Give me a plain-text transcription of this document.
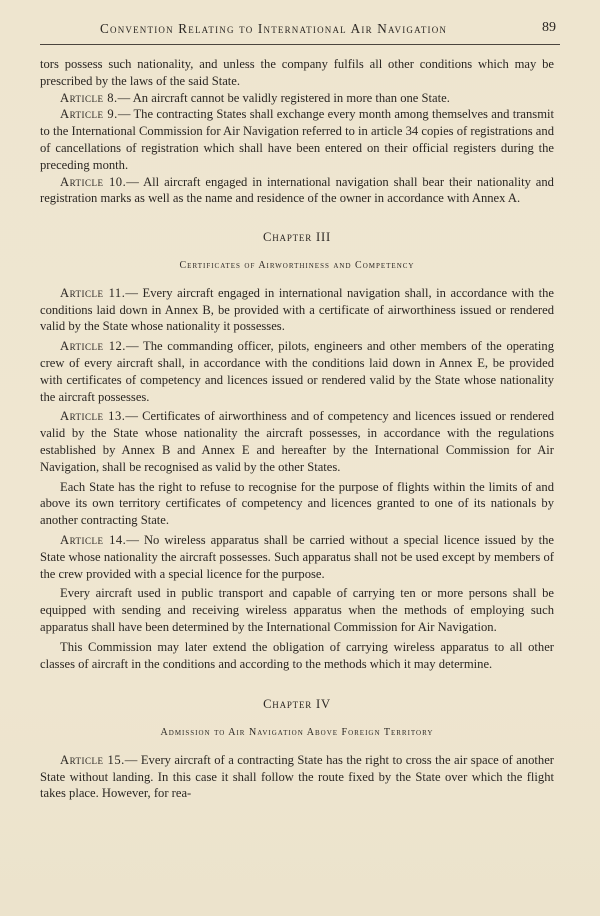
Convention Relating to International Air Navigation	89

tors possess such nationality, and unless the company fulfils all other conditions which may be prescribed by the laws of the said State.

Article 8.— An aircraft cannot be validly registered in more than one State.

Article 9.— The contracting States shall exchange every month among themselves and transmit to the International Commission for Air Navigation referred to in article 34 copies of registrations and of cancellations of registration which shall have been entered on their official registers during the preceding month.

Article 10.— All aircraft engaged in international navigation shall bear their nationality and registration marks as well as the name and residence of the owner in accordance with Annex A.

Chapter III

Certificates of Airworthiness and Competency

Article 11.— Every aircraft engaged in international navigation shall, in accordance with the conditions laid down in Annex B, be provided with a certificate of airworthiness issued or rendered valid by the State whose nationality it possesses.

Article 12.— The commanding officer, pilots, engineers and other members of the operating crew of every aircraft shall, in accordance with the conditions laid down in Annex E, be provided with certificates of competency and licences issued or rendered valid by the State whose nationality the aircraft possesses.

Article 13.— Certificates of airworthiness and of competency and licences issued or rendered valid by the State whose nationality the aircraft possesses, in accordance with the regulations established by Annex B and Annex E and hereafter by the International Commission for Air Navigation, shall be recognised as valid by the other States.

Each State has the right to refuse to recognise for the purpose of flights within the limits of and above its own territory certificates of competency and licences granted to one of its nationals by another contracting State.

Article 14.— No wireless apparatus shall be carried without a special licence issued by the State whose nationality the aircraft possesses. Such apparatus shall not be used except by members of the crew provided with a special licence for the purpose.

Every aircraft used in public transport and capable of carrying ten or more persons shall be equipped with sending and receiving wireless apparatus when the methods of employing such apparatus shall have been determined by the International Commission for Air Navigation.

This Commission may later extend the obligation of carrying wireless apparatus to all other classes of aircraft in the conditions and according to the methods which it may determine.

Chapter IV

Admission to Air Navigation Above Foreign Territory

Article 15.— Every aircraft of a contracting State has the right to cross the air space of another State without landing. In this case it shall follow the route fixed by the State over which the flight takes place. However, for rea-
